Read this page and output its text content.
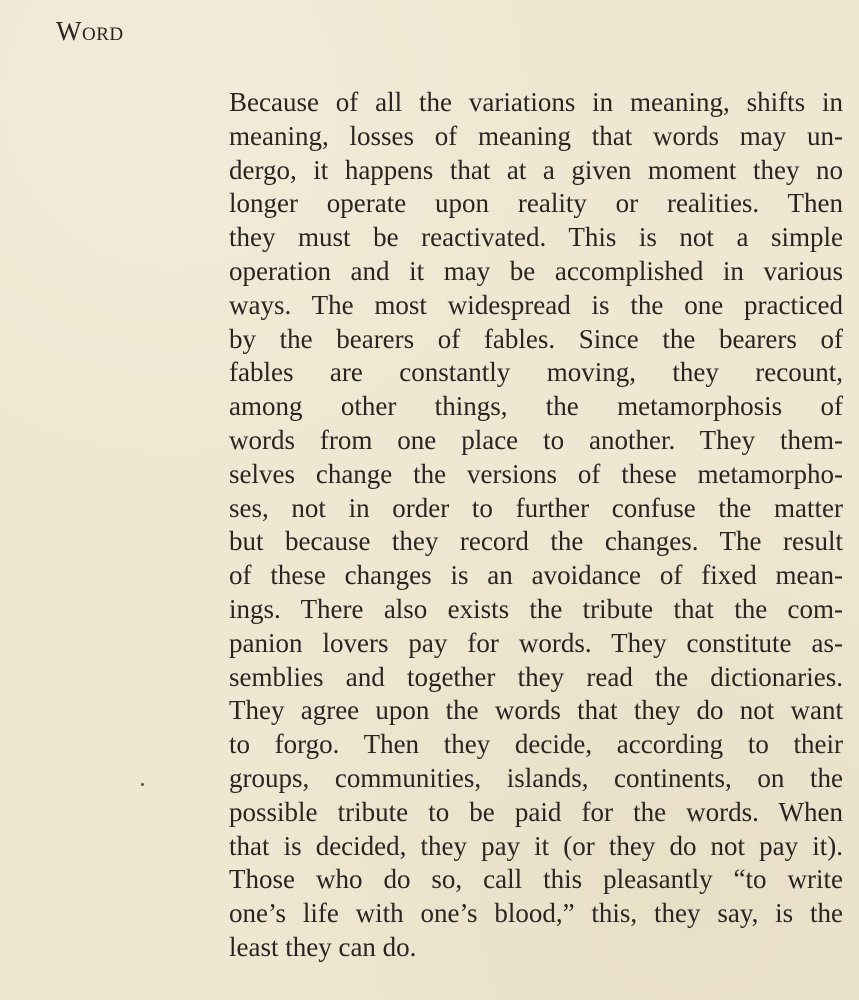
Word
Because of all the variations in meaning, shifts in
meaning, losses of meaning that words may un-
dergo, it happens that at a given moment they no
longer operate upon reality or realities. Then
they must be reactivated. This is not a simple
operation and it may be accomplished in various
ways. The most widespread is the one practiced
by the bearers of fables. Since the bearers of
fables are constantly moving, they recount,
among other things, the metamorphosis of
words from one place to another. They them-
selves change the versions of these metamorpho-
ses, not in order to further confuse the matter
but because they record the changes. The result
of these changes is an avoidance of fixed mean-
ings. There also exists the tribute that the com-
panion lovers pay for words. They constitute as-
semblies and together they read the dictionaries.
They agree upon the words that they do not want
to forgo. Then they decide, according to their
groups, communities, islands, continents, on the
possible tribute to be paid for the words. When
that is decided, they pay it (or they do not pay it).
Those who do so, call this pleasantly “to write
one’s life with one’s blood,” this, they say, is the
least they can do.
